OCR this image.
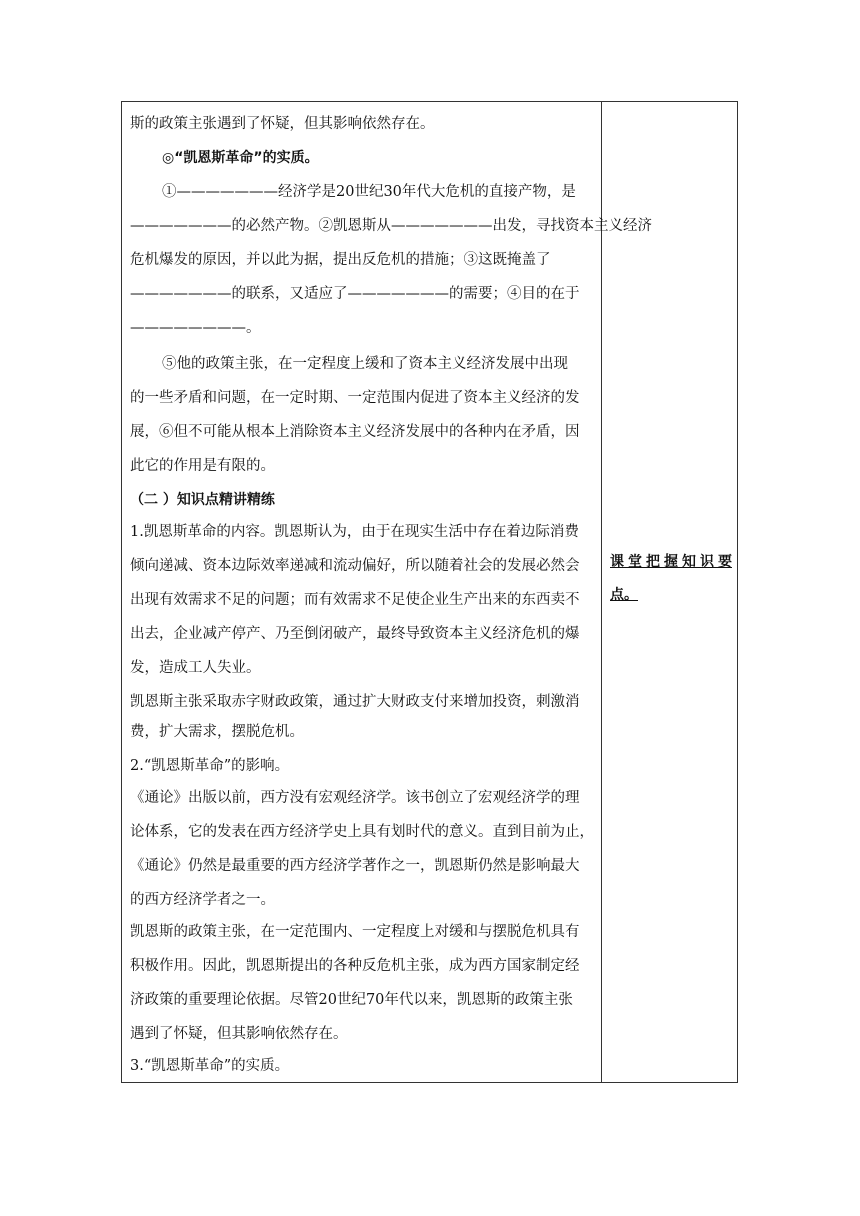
斯的政策主张遇到了怀疑，但其影响依然存在。
◎“凯恩斯革命”的实质。
①———————经济学是20世纪30年代大危机的直接产物，是
———————的必然产物。②凯恩斯从———————出发，寻找资本主义经济
危机爆发的原因，并以此为据，提出反危机的措施；③这既掩盖了
———————的联系，又适应了———————的需要；④目的在于
————————。
⑤他的政策主张，在一定程度上缓和了资本主义经济发展中出现
的一些矛盾和问题，在一定时期、一定范围内促进了资本主义经济的发
展，⑥但不可能从根本上消除资本主义经济发展中的各种内在矛盾，因
此它的作用是有限的。
（二 ）知识点精讲精练
1.凯恩斯革命的内容。凯恩斯认为，由于在现实生活中存在着边际消费
倾向递减、资本边际效率递减和流动偏好，所以随着社会的发展必然会
出现有效需求不足的问题；而有效需求不足使企业生产出来的东西卖不
出去，企业减产停产、乃至倒闭破产，最终导致资本主义经济危机的爆
发，造成工人失业。
凯恩斯主张采取赤字财政政策，通过扩大财政支付来增加投资，刺激消
费，扩大需求，摆脱危机。
2.“凯恩斯革命”的影响。
《通论》出版以前，西方没有宏观经济学。该书创立了宏观经济学的理
论体系，它的发表在西方经济学史上具有划时代的意义。直到目前为止，
《通论》仍然是最重要的西方经济学著作之一，凯恩斯仍然是影响最大
的西方经济学者之一。
凯恩斯的政策主张，在一定范围内、一定程度上对缓和与摆脱危机具有
积极作用。因此，凯恩斯提出的各种反危机主张，成为西方国家制定经
济政策的重要理论依据。尽管20世纪70年代以来，凯恩斯的政策主张
遇到了怀疑，但其影响依然存在。
3.“凯恩斯革命”的实质。
课堂把握知识要
点。
